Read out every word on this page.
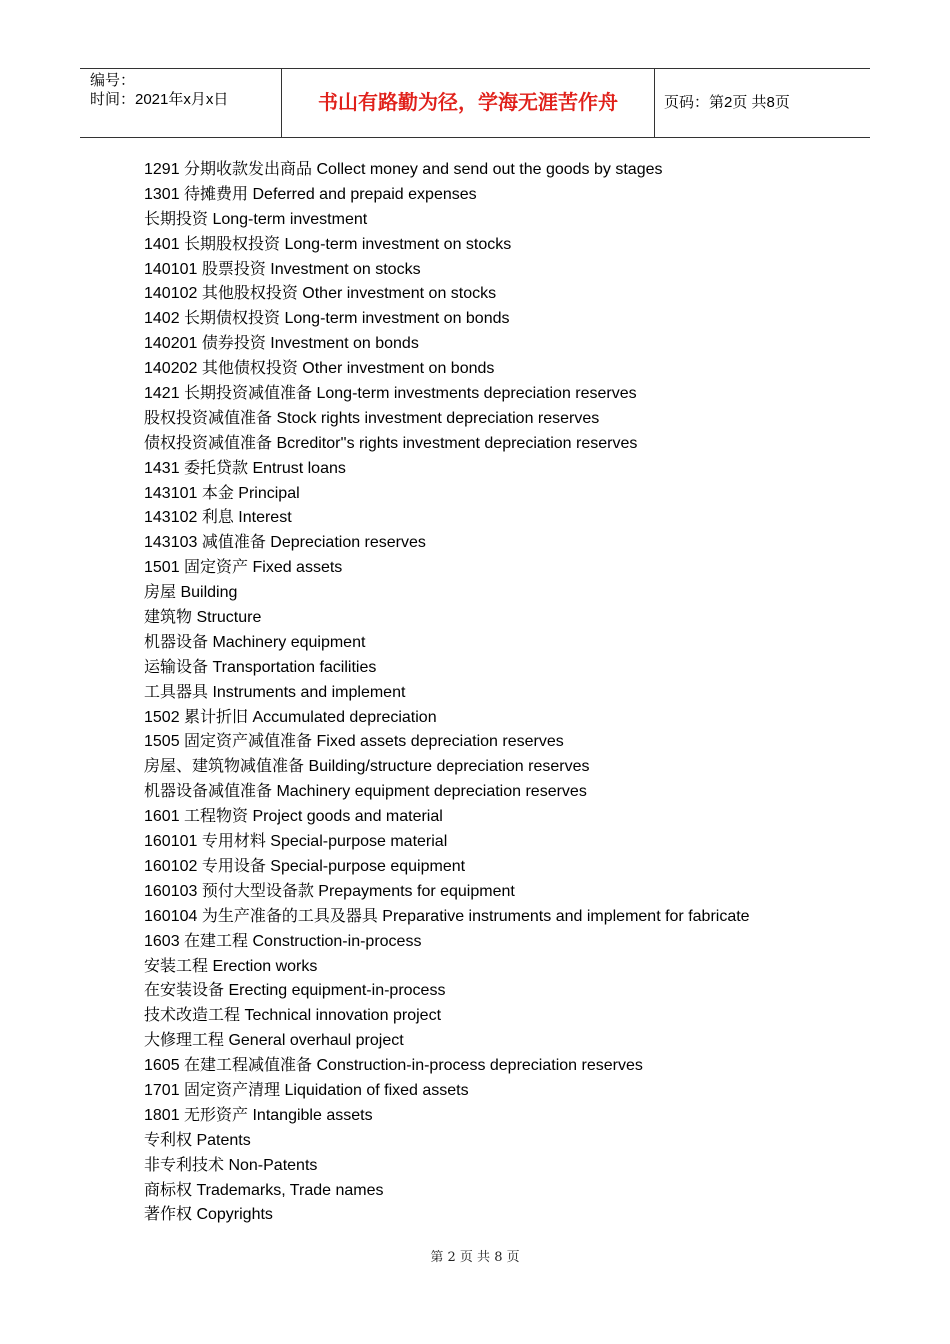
编号：
时间：2021年x月x日	书山有路勤为径，学海无涯苦作舟	页码：第2页 共8页
1291 分期收款发出商品 Collect money and send out the goods by stages
1301 待摊费用 Deferred and prepaid expenses
长期投资 Long-term investment
1401 长期股权投资 Long-term investment on stocks
140101 股票投资 Investment on stocks
140102 其他股权投资 Other investment on stocks
1402 长期债权投资 Long-term investment on bonds
140201 债券投资 Investment on bonds
140202 其他债权投资 Other investment on bonds
1421 长期投资减值准备 Long-term investments depreciation reserves
股权投资减值准备 Stock rights investment depreciation reserves
债权投资减值准备 Bcreditor''s rights investment depreciation reserves
1431 委托贷款 Entrust loans
143101 本金 Principal
143102 利息 Interest
143103 减值准备 Depreciation reserves
1501 固定资产 Fixed assets
房屋 Building
建筑物 Structure
机器设备 Machinery equipment
运输设备 Transportation facilities
工具器具 Instruments and implement
1502 累计折旧 Accumulated depreciation
1505 固定资产减值准备 Fixed assets depreciation reserves
房屋、建筑物减值准备 Building/structure depreciation reserves
机器设备减值准备 Machinery equipment depreciation reserves
1601 工程物资 Project goods and material
160101 专用材料 Special-purpose material
160102 专用设备 Special-purpose equipment
160103 预付大型设备款 Prepayments for equipment
160104 为生产准备的工具及器具 Preparative instruments and implement for fabricate
1603 在建工程 Construction-in-process
安装工程 Erection works
在安装设备 Erecting equipment-in-process
技术改造工程 Technical innovation project
大修理工程 General overhaul project
1605 在建工程减值准备 Construction-in-process depreciation reserves
1701 固定资产清理 Liquidation of fixed assets
1801 无形资产 Intangible assets
专利权 Patents
非专利技术 Non-Patents
商标权 Trademarks, Trade names
著作权 Copyrights
第 2 页 共 8 页
